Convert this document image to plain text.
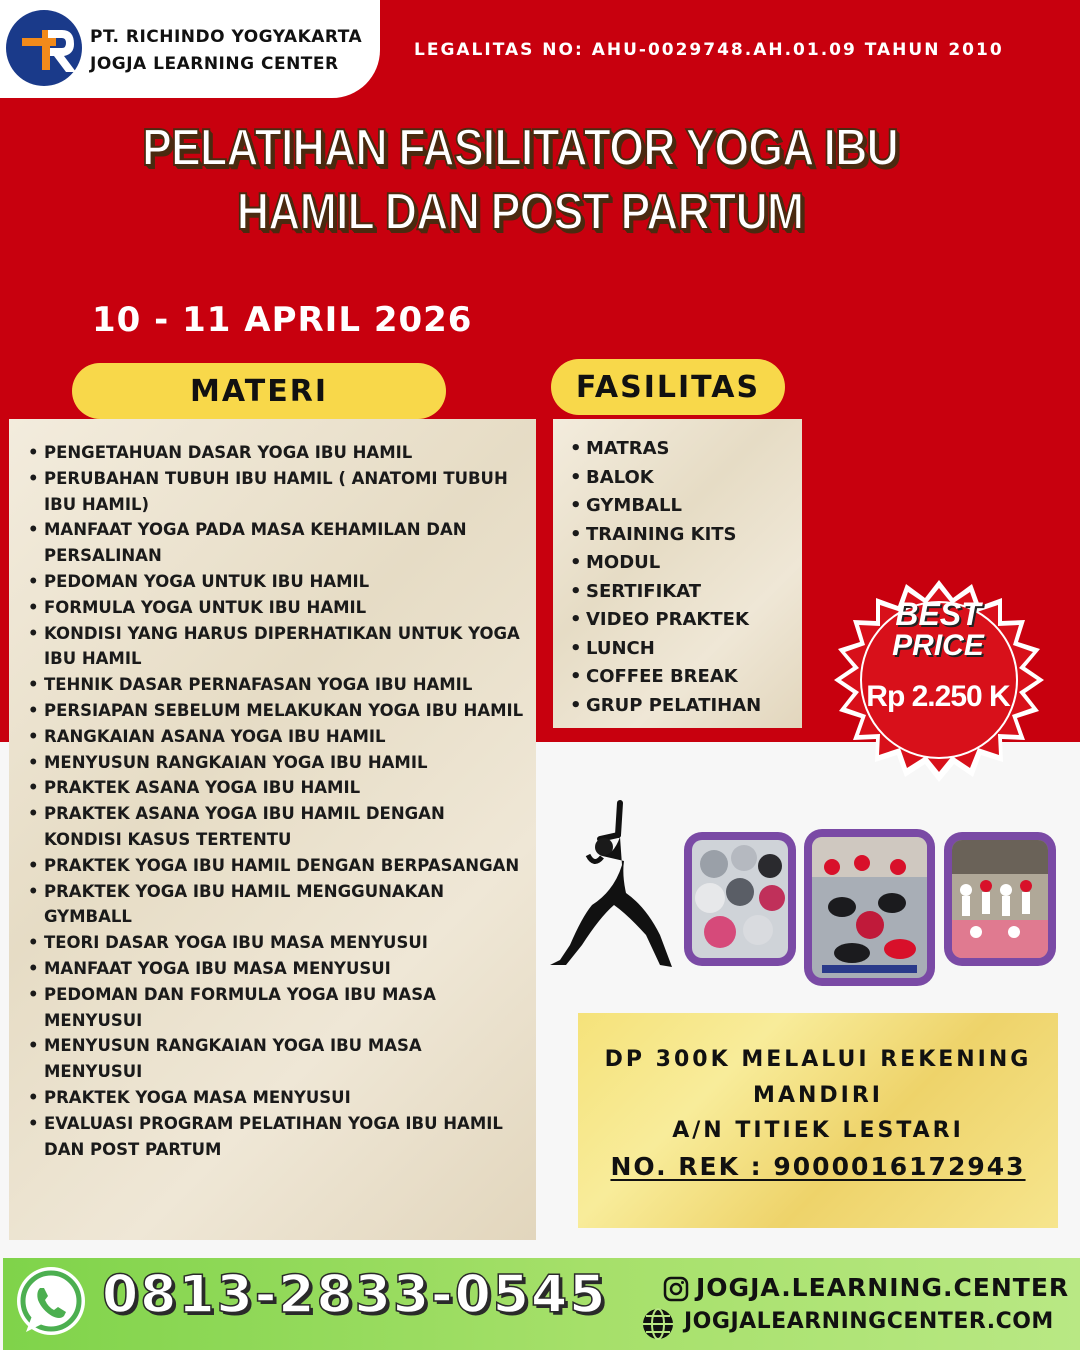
PT. RICHINDO YOGYAKARTA
JOGJA LEARNING CENTER
LEGALITAS NO: AHU-0029748.AH.01.09 TAHUN 2010
PELATIHAN FASILITATOR YOGA IBU
HAMIL DAN POST PARTUM
10 - 11 APRIL 2026
MATERI
• PENGETAHUAN DASAR YOGA IBU HAMIL
• PERUBAHAN TUBUH IBU HAMIL ( ANATOMI TUBUH IBU HAMIL)
• MANFAAT YOGA PADA MASA KEHAMILAN DAN PERSALINAN
• PEDOMAN YOGA UNTUK IBU HAMIL
• FORMULA YOGA UNTUK IBU HAMIL
• KONDISI YANG HARUS DIPERHATIKAN UNTUK YOGA IBU HAMIL
• TEHNIK DASAR PERNAFASAN YOGA IBU HAMIL
• PERSIAPAN SEBELUM MELAKUKAN YOGA IBU HAMIL
• RANGKAIAN ASANA YOGA IBU HAMIL
• MENYUSUN RANGKAIAN YOGA IBU HAMIL
• PRAKTEK ASANA YOGA IBU HAMIL
• PRAKTEK ASANA YOGA IBU HAMIL DENGAN KONDISI KASUS TERTENTU
• PRAKTEK YOGA IBU HAMIL DENGAN BERPASANGAN
• PRAKTEK YOGA IBU HAMIL MENGGUNAKAN GYMBALL
• TEORI DASAR YOGA IBU MASA MENYUSUI
• MANFAAT YOGA IBU MASA MENYUSUI
• PEDOMAN DAN FORMULA YOGA IBU MASA MENYUSUI
• MENYUSUN RANGKAIAN YOGA IBU MASA MENYUSUI
• PRAKTEK YOGA MASA MENYUSUI
• EVALUASI PROGRAM PELATIHAN YOGA IBU HAMIL DAN POST PARTUM
FASILITAS
• MATRAS
• BALOK
• GYMBALL
• TRAINING KITS
• MODUL
• SERTIFIKAT
• VIDEO PRAKTEK
• LUNCH
• COFFEE BREAK
• GRUP PELATIHAN
BEST
PRICE
Rp 2.250 K
DP 300K MELALUI REKENING
MANDIRI
A/N TITIEK LESTARI
NO. REK : 9000016172943
0813-2833-0545	JOGJA.LEARNING.CENTER
JOGJALEARNINGCENTER.COM
